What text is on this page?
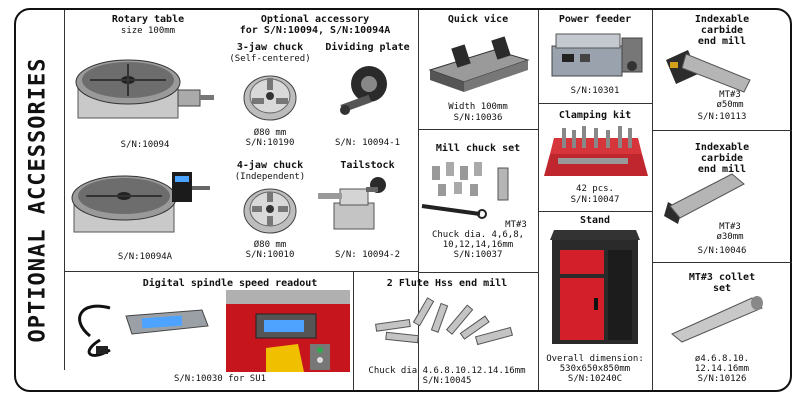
OPTIONAL ACCESSORIES
Rotary table
size 100mm
S/N:10094
S/N:10094A
Optional accessory
for S/N:10094, S/N:10094A
3-jaw chuck
(Self-centered)
Ø80 mm
S/N:10190
Dividing plate
S/N: 10094-1
4-jaw chuck
(Independent)
Ø80 mm
S/N:10010
Tailstock
S/N: 10094-2
Quick vice
Width 100mm
S/N:10036
Mill chuck set
MT#3
Chuck dia. 4,6,8,
10,12,14,16mm
S/N:10037
Power feeder
S/N:10301
Clamping kit
42 pcs.
S/N:10047
Stand
Overall dimension:
530x650x850mm
S/N:10240C
Indexable
carbide
end mill
MT#3
ø50mm
S/N:10113
Indexable
carbide
end mill
MT#3
ø30mm
S/N:10046
MT#3 collet
set
ø4.6.8.10.
12.14.16mm
S/N:10126
Digital spindle speed readout
S/N:10030 for SU1
2 Flute Hss end mill
Chuck dia 4.6.8.10.12.14.16mm
S/N:10045
